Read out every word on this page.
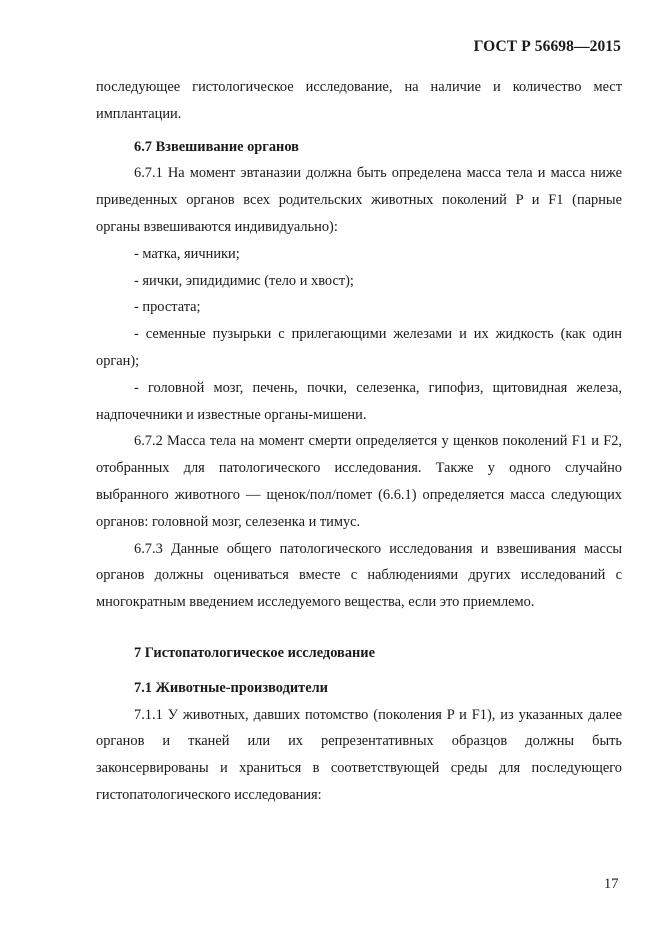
ГОСТ Р 56698—2015

последующее гистологическое исследование, на наличие и количество мест имплантации.

6.7 Взвешивание органов

6.7.1 На момент эвтаназии должна быть определена масса тела и масса ниже приведенных органов всех родительских животных поколений P и F1 (парные органы взвешиваются индивидуально):

- матка, яичники;

- яички, эпидидимис (тело и хвост);

- простата;

- семенные пузырьки с прилегающими железами и их жидкость (как один орган);

- головной мозг, печень, почки, селезенка, гипофиз, щитовидная железа, надпочечники и известные органы-мишени.

6.7.2 Масса тела на момент смерти определяется у щенков поколений F1 и F2, отобранных для патологического исследования. Также у одного случайно выбранного животного — щенок/пол/помет (6.6.1) определяется масса следующих органов: головной мозг, селезенка и тимус.

6.7.3 Данные общего патологического исследования и взвешивания массы органов должны оцениваться вместе с наблюдениями других исследований с многократным введением исследуемого вещества, если это приемлемо.

7 Гистопатологическое исследование

7.1 Животные-производители

7.1.1 У животных, давших потомство (поколения P и F1), из указанных далее органов и тканей или их репрезентативных образцов должны быть законсервированы и храниться в соответствующей среды для последующего гистопатологического исследования:

17
